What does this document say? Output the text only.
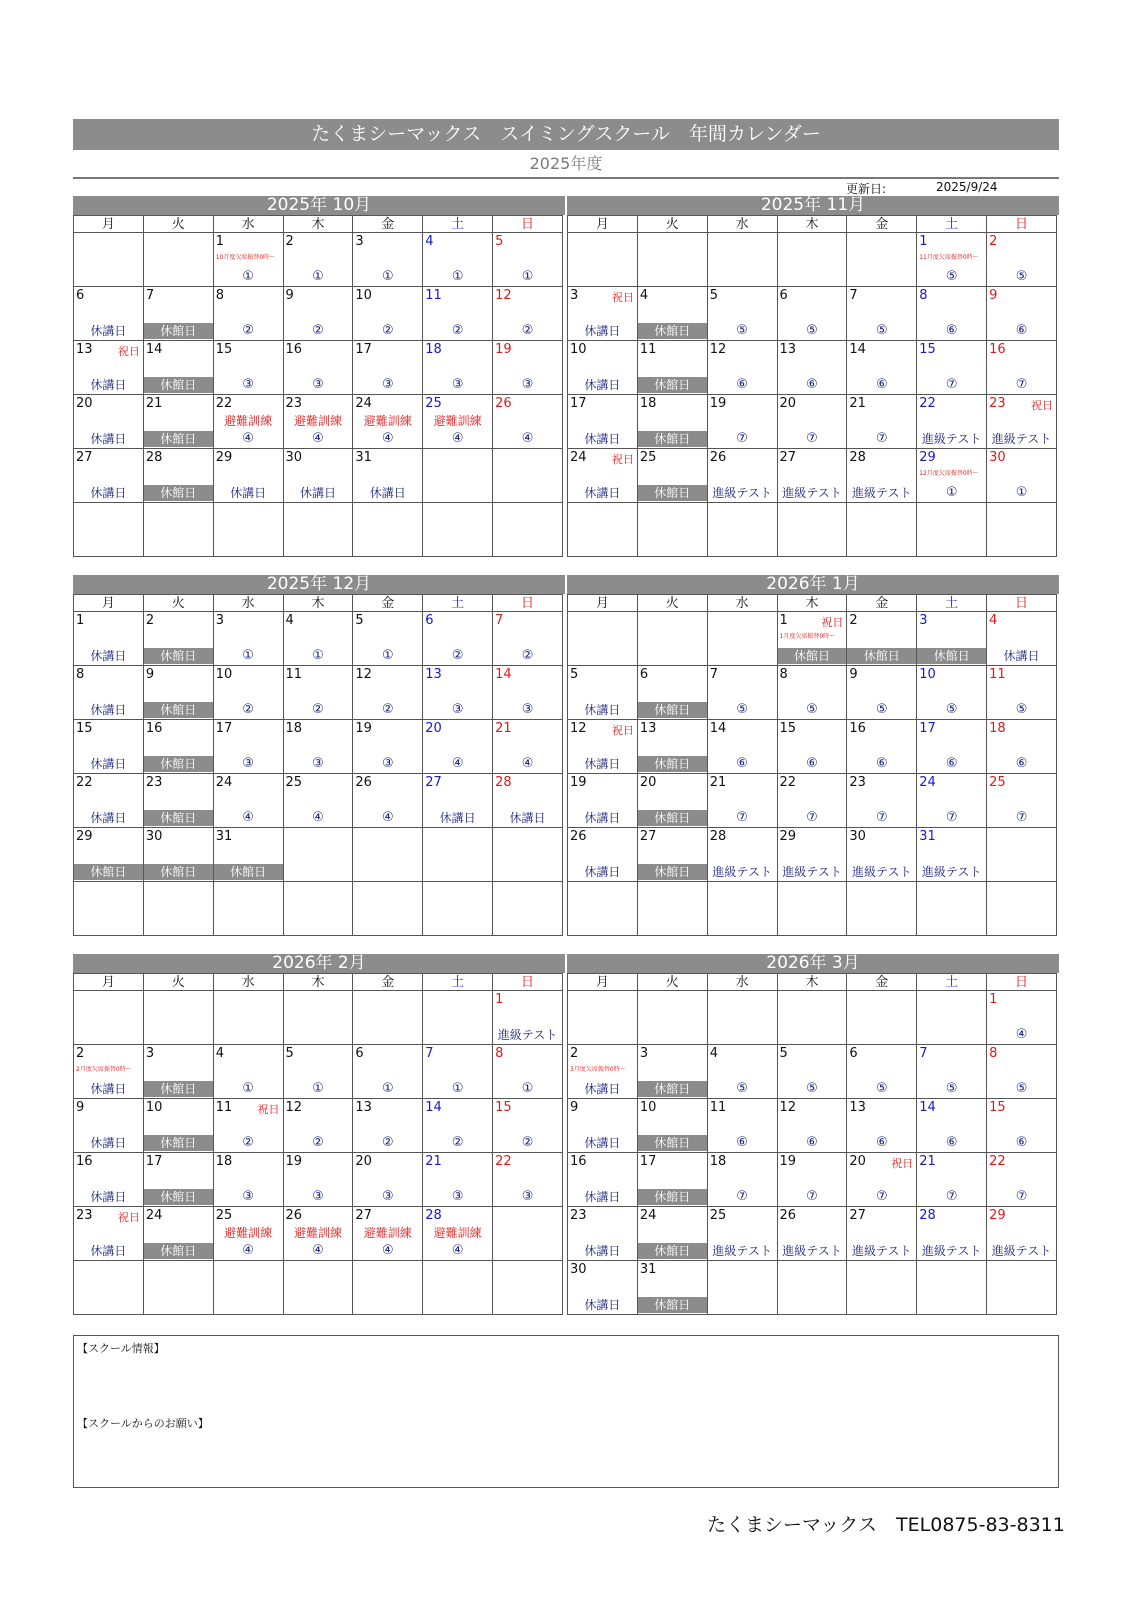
たくまシーマックス　スイミングスクール　年間カレンダー
2025年度
更新日:	2025/9/24
2025年 10月
月	火	水	木	金	土	日

		1
10月度欠席振替0時～
①	2
①	3
①	4
①	5
①

6
休講日	7
休館日	8
②	9
②	10
②	11
②	12
②

13 祝日
休講日	14
休館日	15
③	16
③	17
③	18
③	19
③

20
休講日	21
休館日	22
避難訓練
④	23
避難訓練
④	24
避難訓練
④	25
避難訓練
④	26
④

27
休講日	28
休館日	29
休講日	30
休講日	31
休講日		

2025年 11月
月	火	水	木	金	土	日

					1
11月度欠席振替0時～
⑤	2
⑤

3 祝日
休講日	4
休館日	5
⑤	6
⑤	7
⑤	8
⑥	9
⑥

10
休講日	11
休館日	12
⑥	13
⑥	14
⑥	15
⑦	16
⑦

17
休講日	18
休館日	19
⑦	20
⑦	21
⑦	22
進級テスト	23 祝日
進級テスト

24 祝日
休講日	25
休館日	26
進級テスト	27
進級テスト	28
進級テスト	29
12月度欠席振替0時～
①	30
①

2025年 12月
月	火	水	木	金	土	日

1
休講日	2
休館日	3
①	4
①	5
①	6
②	7
②

8
休講日	9
休館日	10
②	11
②	12
②	13
③	14
③

15
休講日	16
休館日	17
③	18
③	19
③	20
④	21
④

22
休講日	23
休館日	24
④	25
④	26
④	27
休講日	28
休講日

29
休館日	30
休館日	31
休館日				

2026年 1月
月	火	水	木	金	土	日

			1 祝日
1月度欠席振替0時～
休館日	2
休館日	3
休館日	4
休講日

5
休講日	6
休館日	7
⑤	8
⑤	9
⑤	10
⑤	11
⑤

12 祝日
休講日	13
休館日	14
⑥	15
⑥	16
⑥	17
⑥	18
⑥

19
休講日	20
休館日	21
⑦	22
⑦	23
⑦	24
⑦	25
⑦

26
休講日	27
休館日	28
進級テスト	29
進級テスト	30
進級テスト	31
進級テスト	

2026年 2月
月	火	水	木	金	土	日

						1
進級テスト

2
2月度欠席振替0時～
休講日	3
休館日	4
①	5
①	6
①	7
①	8
①

9
休講日	10
休館日	11 祝日
②	12
②	13
②	14
②	15
②

16
休講日	17
休館日	18
③	19
③	20
③	21
③	22
③

23 祝日
休講日	24
休館日	25
避難訓練
④	26
避難訓練
④	27
避難訓練
④	28
避難訓練
④	

2026年 3月
月	火	水	木	金	土	日

						1
④

2
3月度欠席振替0時～
休講日	3
休館日	4
⑤	5
⑤	6
⑤	7
⑤	8
⑤

9
休講日	10
休館日	11
⑥	12
⑥	13
⑥	14
⑥	15
⑥

16
休講日	17
休館日	18
⑦	19
⑦	20 祝日
⑦	21
⑦	22
⑦

23
休講日	24
休館日	25
進級テスト	26
進級テスト	27
進級テスト	28
進級テスト	29
進級テスト

30
休講日	31
休館日					

【スクール情報】
【スクールからのお願い】
たくまシーマックス　TEL0875-83-8311
